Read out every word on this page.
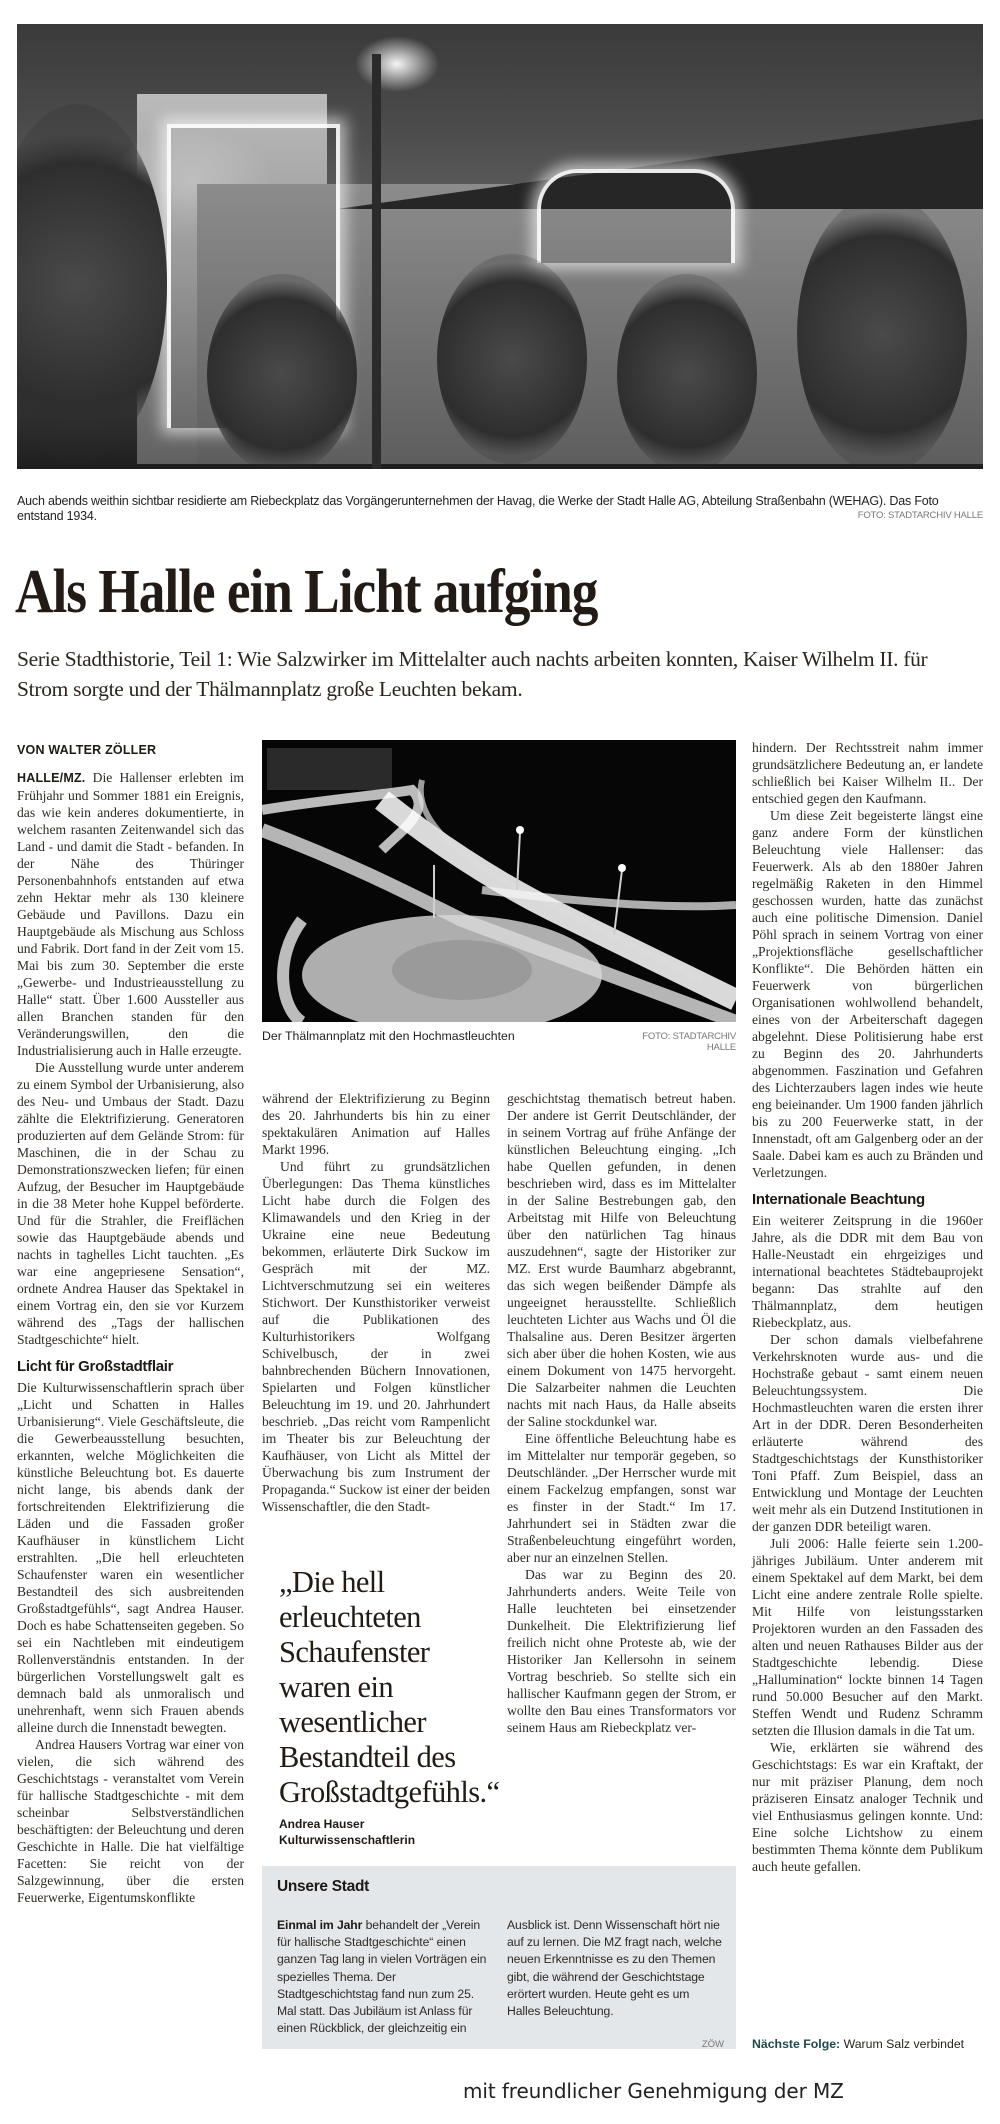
Auch abends weithin sichtbar residierte am Riebeckplatz das Vorgängerunternehmen der Havag, die Werke der Stadt Halle AG, Abteilung Straßenbahn (WEHAG). Das Foto entstand 1934.	FOTO: STADTARCHIV HALLE
Als Halle ein Licht aufging
Serie Stadthistorie, Teil 1: Wie Salzwirker im Mittelalter auch nachts arbeiten konnten, Kaiser Wilhelm II. für Strom sorgte und der Thälmannplatz große Leuchten bekam.
VON WALTER ZÖLLER

HALLE/MZ. Die Hallenser erlebten im Frühjahr und Sommer 1881 ein Ereignis, das wie kein anderes dokumentierte, in welchem rasanten Zeitenwandel sich das Land - und damit die Stadt - befanden. In der Nähe des Thüringer Personenbahnhofs entstanden auf etwa zehn Hektar mehr als 130 kleinere Gebäude und Pavillons. Dazu ein Hauptgebäude als Mischung aus Schloss und Fabrik. Dort fand in der Zeit vom 15. Mai bis zum 30. September die erste „Gewerbe- und Industrieausstellung zu Halle“ statt. Über 1.600 Aussteller aus allen Branchen standen für den Veränderungswillen, den die Industrialisierung auch in Halle erzeugte.

Die Ausstellung wurde unter anderem zu einem Symbol der Urbanisierung, also des Neu- und Umbaus der Stadt. Dazu zählte die Elektrifizierung. Generatoren produzierten auf dem Gelände Strom: für Maschinen, die in der Schau zu Demonstrationszwecken liefen; für einen Aufzug, der Besucher im Hauptgebäude in die 38 Meter hohe Kuppel beförderte. Und für die Strahler, die Freiflächen sowie das Hauptgebäude abends und nachts in taghelles Licht tauchten. „Es war eine angepriesene Sensation“, ordnete Andrea Hauser das Spektakel in einem Vortrag ein, den sie vor Kurzem während des „Tags der hallischen Stadtgeschichte“ hielt.

Licht für Großstadtflair

Die Kulturwissenschaftlerin sprach über „Licht und Schatten in Halles Urbanisierung“. Viele Geschäftsleute, die die Gewerbeausstellung besuchten, erkannten, welche Möglichkeiten die künstliche Beleuchtung bot. Es dauerte nicht lange, bis abends dank der fortschreitenden Elektrifizierung die Läden und die Fassaden großer Kaufhäuser in künstlichem Licht erstrahlten. „Die hell erleuchteten Schaufenster waren ein wesentlicher Bestandteil des sich ausbreitenden Großstadtgefühls“, sagt Andrea Hauser. Doch es habe Schattenseiten gegeben. So sei ein Nachtleben mit eindeutigem Rollenverständnis entstanden. In der bürgerlichen Vorstellungswelt galt es demnach bald als unmoralisch und unehrenhaft, wenn sich Frauen abends alleine durch die Innenstadt bewegten.

Andrea Hausers Vortrag war einer von vielen, die sich während des Geschichtstags - veranstaltet vom Verein für hallische Stadtgeschichte - mit dem scheinbar Selbstverständlichen beschäftigten: der Beleuchtung und deren Geschichte in Halle. Die hat vielfältige Facetten: Sie reicht von der Salzgewinnung, über die ersten Feuerwerke, Eigentumskonflikte

Der Thälmannplatz mit den Hochmastleuchten	FOTO: STADTARCHIV HALLE

während der Elektrifizierung zu Beginn des 20. Jahrhunderts bis hin zu einer spektakulären Animation auf Halles Markt 1996.

Und führt zu grundsätzlichen Überlegungen: Das Thema künstliches Licht habe durch die Folgen des Klimawandels und den Krieg in der Ukraine eine neue Bedeutung bekommen, erläuterte Dirk Suckow im Gespräch mit der MZ. Lichtverschmutzung sei ein weiteres Stichwort. Der Kunsthistoriker verweist auf die Publikationen des Kulturhistorikers Wolfgang Schivelbusch, der in zwei bahnbrechenden Büchern Innovationen, Spielarten und Folgen künstlicher Beleuchtung im 19. und 20. Jahrhundert beschrieb. „Das reicht vom Rampenlicht im Theater bis zur Beleuchtung der Kaufhäuser, von Licht als Mittel der Überwachung bis zum Instrument der Propaganda.“ Suckow ist einer der beiden Wissenschaftler, die den Stadt-

„Die hell erleuchteten Schaufenster waren ein wesentlicher Bestandteil des Großstadtgefühls.“
Andrea Hauser
Kulturwissenschaftlerin

geschichtstag thematisch betreut haben. Der andere ist Gerrit Deutschländer, der in seinem Vortrag auf frühe Anfänge der künstlichen Beleuchtung einging. „Ich habe Quellen gefunden, in denen beschrieben wird, dass es im Mittelalter in der Saline Bestrebungen gab, den Arbeitstag mit Hilfe von Beleuchtung über den natürlichen Tag hinaus auszudehnen“, sagte der Historiker zur MZ. Erst wurde Baumharz abgebrannt, das sich wegen beißender Dämpfe als ungeeignet herausstellte. Schließlich leuchteten Lichter aus Wachs und Öl die Thalsaline aus. Deren Besitzer ärgerten sich aber über die hohen Kosten, wie aus einem Dokument von 1475 hervorgeht. Die Salzarbeiter nahmen die Leuchten nachts mit nach Haus, da Halle abseits der Saline stockdunkel war.

Eine öffentliche Beleuchtung habe es im Mittelalter nur temporär gegeben, so Deutschländer. „Der Herrscher wurde mit einem Fackelzug empfangen, sonst war es finster in der Stadt.“ Im 17. Jahrhundert sei in Städten zwar die Straßenbeleuchtung eingeführt worden, aber nur an einzelnen Stellen.

Das war zu Beginn des 20. Jahrhunderts anders. Weite Teile von Halle leuchteten bei einsetzender Dunkelheit. Die Elektrifizierung lief freilich nicht ohne Proteste ab, wie der Historiker Jan Kellersohn in seinem Vortrag beschrieb. So stellte sich ein hallischer Kaufmann gegen der Strom, er wollte den Bau eines Transformators vor seinem Haus am Riebeckplatz ver-

Unsere Stadt
Einmal im Jahr behandelt der „Verein für hallische Stadtgeschichte“ einen ganzen Tag lang in vielen Vorträgen ein spezielles Thema. Der Stadtgeschichtstag fand nun zum 25. Mal statt. Das Jubiläum ist Anlass für einen Rückblick, der gleichzeitig ein
Ausblick ist. Denn Wissenschaft hört nie auf zu lernen. Die MZ fragt nach, welche neuen Erkenntnisse es zu den Themen gibt, die während der Geschichtstage erörtert wurden. Heute geht es um Halles Beleuchtung.
ZÖW

hindern. Der Rechtsstreit nahm immer grundsätzlichere Bedeutung an, er landete schließlich bei Kaiser Wilhelm II.. Der entschied gegen den Kaufmann.

Um diese Zeit begeisterte längst eine ganz andere Form der künstlichen Beleuchtung viele Hallenser: das Feuerwerk. Als ab den 1880er Jahren regelmäßig Raketen in den Himmel geschossen wurden, hatte das zunächst auch eine politische Dimension. Daniel Pöhl sprach in seinem Vortrag von einer „Projektionsfläche gesellschaftlicher Konflikte“. Die Behörden hätten ein Feuerwerk von bürgerlichen Organisationen wohlwollend behandelt, eines von der Arbeiterschaft dagegen abgelehnt. Diese Politisierung habe erst zu Beginn des 20. Jahrhunderts abgenommen. Faszination und Gefahren des Lichterzaubers lagen indes wie heute eng beieinander. Um 1900 fanden jährlich bis zu 200 Feuerwerke statt, in der Innenstadt, oft am Galgenberg oder an der Saale. Dabei kam es auch zu Bränden und Verletzungen.

Internationale Beachtung

Ein weiterer Zeitsprung in die 1960er Jahre, als die DDR mit dem Bau von Halle-Neustadt ein ehrgeiziges und international beachtetes Städtebauprojekt begann: Das strahlte auf den Thälmannplatz, dem heutigen Riebeckplatz, aus.

Der schon damals vielbefahrene Verkehrsknoten wurde aus- und die Hochstraße gebaut - samt einem neuen Beleuchtungssystem. Die Hochmastleuchten waren die ersten ihrer Art in der DDR. Deren Besonderheiten erläuterte während des Stadtgeschichtstags der Kunsthistoriker Toni Pfaff. Zum Beispiel, dass an Entwicklung und Montage der Leuchten weit mehr als ein Dutzend Institutionen in der ganzen DDR beteiligt waren.

Juli 2006: Halle feierte sein 1.200-jähriges Jubiläum. Unter anderem mit einem Spektakel auf dem Markt, bei dem Licht eine andere zentrale Rolle spielte. Mit Hilfe von leistungsstarken Projektoren wurden an den Fassaden des alten und neuen Rathauses Bilder aus der Stadtgeschichte lebendig. Diese „Hallumination“ lockte binnen 14 Tagen rund 50.000 Besucher auf den Markt. Steffen Wendt und Rudenz Schramm setzten die Illusion damals in die Tat um.

Wie, erklärten sie während des Geschichtstags: Es war ein Kraftakt, der nur mit präziser Planung, dem noch präziseren Einsatz analoger Technik und viel Enthusiasmus gelingen konnte. Und: Eine solche Lichtshow zu einem bestimmten Thema könnte dem Publikum auch heute gefallen.

Nächste Folge: Warum Salz verbindet
mit freundlicher Genehmigung der MZ
